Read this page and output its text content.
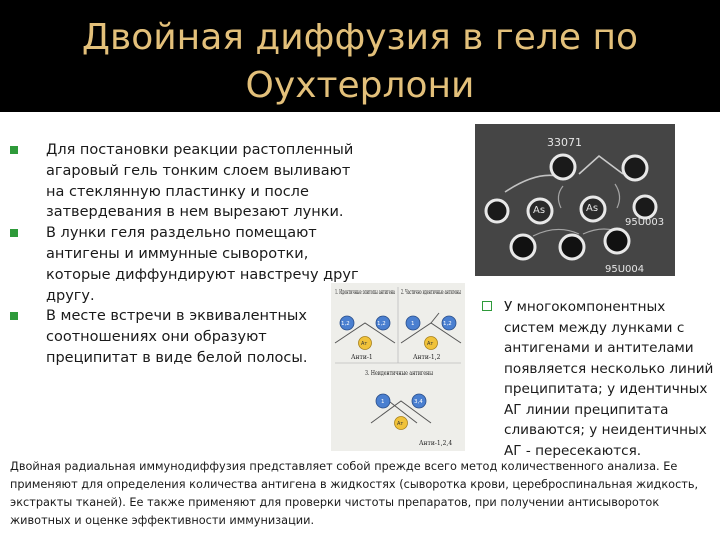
Двойная диффузия в геле по
Оухтерлони
Для постановки реакции растопленный агаровый гель тонким слоем выливают на стеклянную пластинку и после затвердевания в нем вырезают лунки.
В лунки геля раздельно помещают антигены и иммунные сыворотки, которые диффундируют навстречу друг другу.
В месте встречи в эквивалентных соотношениях они образуют преципитат в виде белой полосы.
33071
As	As
95U003
95U004
1. Идентичные эпитопы антигена
1,2	1,2
Ат
Анти-1
2. Частично идентичные антигены
1	1,2
Ат
Анти-1,2
3. Неидентичные антигены
1	3,4
Ат
Анти-1,2,4
У многокомпонентных систем между лунками с антигенами и антителами появляется несколько линий преципитата; у идентичных АГ линии преципитата сливаются; у неидентичных АГ - пересекаются.
Двойная радиальная иммунодиффузия представляет собой прежде всего метод количественного анализа. Ее применяют для определения количества антигена в жидкостях (сыворотка крови, цереброспинальная жидкость, экстракты тканей). Ее также применяют для проверки чистоты препаратов, при получении антисывороток животных и оценке эффективности иммунизации.
